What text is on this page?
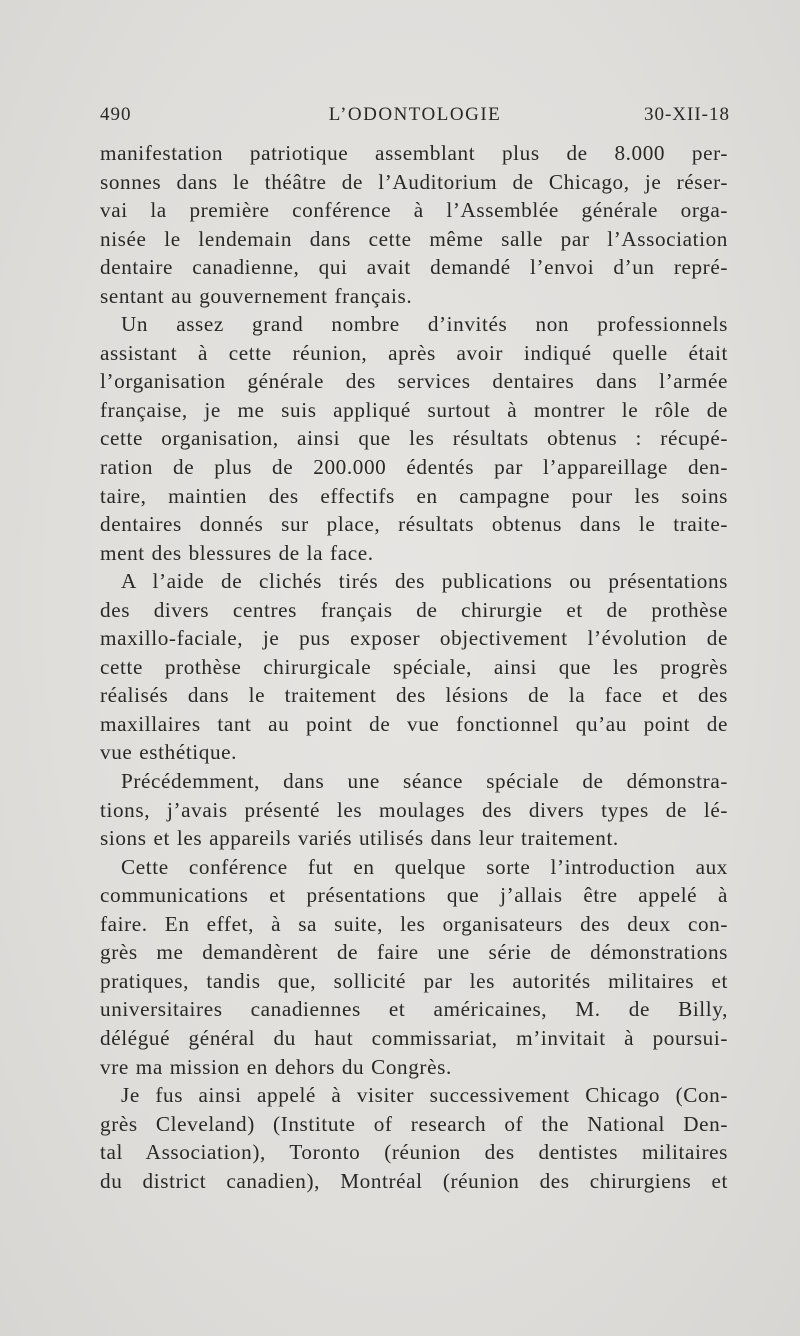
490	L’ODONTOLOGIE	30-XII-18
manifestation patriotique assemblant plus de 8.000 per-
sonnes dans le théâtre de l’Auditorium de Chicago, je réser-
vai la première conférence à l’Assemblée générale orga-
nisée le lendemain dans cette même salle par l’Association
dentaire canadienne, qui avait demandé l’envoi d’un repré-
sentant au gouvernement français.
Un assez grand nombre d’invités non professionnels
assistant à cette réunion, après avoir indiqué quelle était
l’organisation générale des services dentaires dans l’armée
française, je me suis appliqué surtout à montrer le rôle de
cette organisation, ainsi que les résultats obtenus : récupé-
ration de plus de 200.000 édentés par l’appareillage den-
taire, maintien des effectifs en campagne pour les soins
dentaires donnés sur place, résultats obtenus dans le traite-
ment des blessures de la face.
A l’aide de clichés tirés des publications ou présentations
des divers centres français de chirurgie et de prothèse
maxillo-faciale, je pus exposer objectivement l’évolution de
cette prothèse chirurgicale spéciale, ainsi que les progrès
réalisés dans le traitement des lésions de la face et des
maxillaires tant au point de vue fonctionnel qu’au point de
vue esthétique.
Précédemment, dans une séance spéciale de démonstra-
tions, j’avais présenté les moulages des divers types de lé-
sions et les appareils variés utilisés dans leur traitement.
Cette conférence fut en quelque sorte l’introduction aux
communications et présentations que j’allais être appelé à
faire. En effet, à sa suite, les organisateurs des deux con-
grès me demandèrent de faire une série de démonstrations
pratiques, tandis que, sollicité par les autorités militaires et
universitaires canadiennes et américaines, M. de Billy,
délégué général du haut commissariat, m’invitait à poursui-
vre ma mission en dehors du Congrès.
Je fus ainsi appelé à visiter successivement Chicago (Con-
grès Cleveland) (Institute of research of the National Den-
tal Association), Toronto (réunion des dentistes militaires
du district canadien), Montréal (réunion des chirurgiens et
